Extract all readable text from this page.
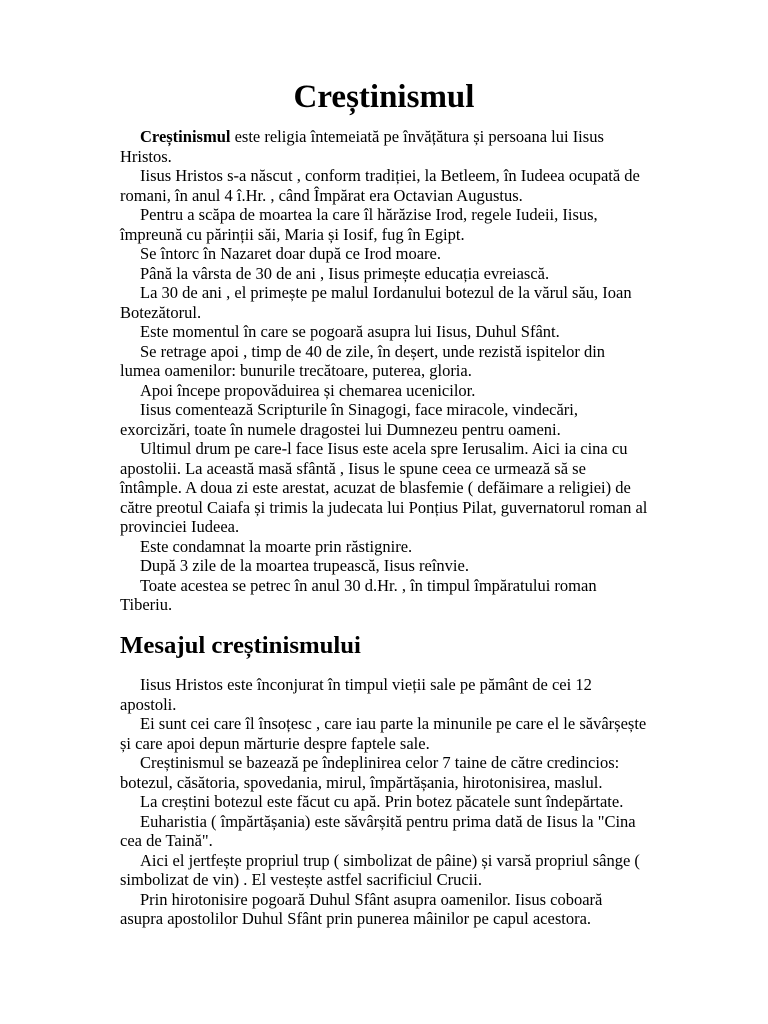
Creștinismul

Creștinismul este religia întemeiată pe învățătura și persoana lui Iisus Hristos.

Iisus Hristos s-a născut , conform tradiției, la Betleem, în Iudeea ocupată de romani, în anul 4 î.Hr. , când Împărat era Octavian Augustus.

Pentru a scăpa de moartea la care îl hărăzise Irod, regele Iudeii, Iisus, împreună cu părinții săi, Maria și Iosif, fug în Egipt.

Se întorc în Nazaret doar după ce Irod moare.

Până la vârsta de 30 de ani , Iisus primește educația evreiască.

La 30 de ani , el primește pe malul Iordanului botezul de la vărul său, Ioan Botezătorul.

Este momentul în care se pogoară asupra lui Iisus, Duhul Sfânt.

Se retrage apoi , timp de 40 de zile, în deșert, unde rezistă ispitelor din lumea oamenilor: bunurile trecătoare, puterea, gloria.

Apoi începe propovăduirea și chemarea ucenicilor.

Iisus comentează Scripturile în Sinagogi, face miracole, vindecări, exorcizări, toate în numele dragostei lui Dumnezeu pentru oameni.

Ultimul drum pe care-l face Iisus este acela spre Ierusalim. Aici ia cina cu apostolii. La această masă sfântă , Iisus le spune ceea ce urmează să se întâmple. A doua zi este arestat, acuzat de blasfemie ( defăimare a religiei) de către preotul Caiafa și trimis la judecata lui Ponțius Pilat, guvernatorul roman al provinciei Iudeea.

Este condamnat la moarte prin răstignire.

După 3 zile de la moartea trupească, Iisus reînvie.

Toate acestea se petrec în anul 30 d.Hr. , în timpul împăratului roman Tiberiu.

Mesajul creștinismului

Iisus Hristos este înconjurat în timpul vieții sale pe pământ de cei 12 apostoli.

Ei sunt cei care îl însoțesc , care iau parte la minunile pe care el le săvârșește și care apoi depun mărturie despre faptele sale.

Creștinismul se bazează pe îndeplinirea celor 7 taine de către credincios: botezul, căsătoria, spovedania, mirul, împărtășania, hirotonisirea, maslul.

La creștini botezul este făcut cu apă. Prin botez păcatele sunt îndepărtate.

Euharistia ( împărtășania) este săvârșită pentru prima dată de Iisus la "Cina cea de Taină".

Aici el jertfește propriul trup ( simbolizat de pâine) și varsă propriul sânge ( simbolizat de vin) . El vestește astfel sacrificiul Crucii.

Prin hirotonisire pogoară Duhul Sfânt asupra oamenilor. Iisus coboară asupra apostolilor Duhul Sfânt prin punerea mâinilor pe capul acestora.
